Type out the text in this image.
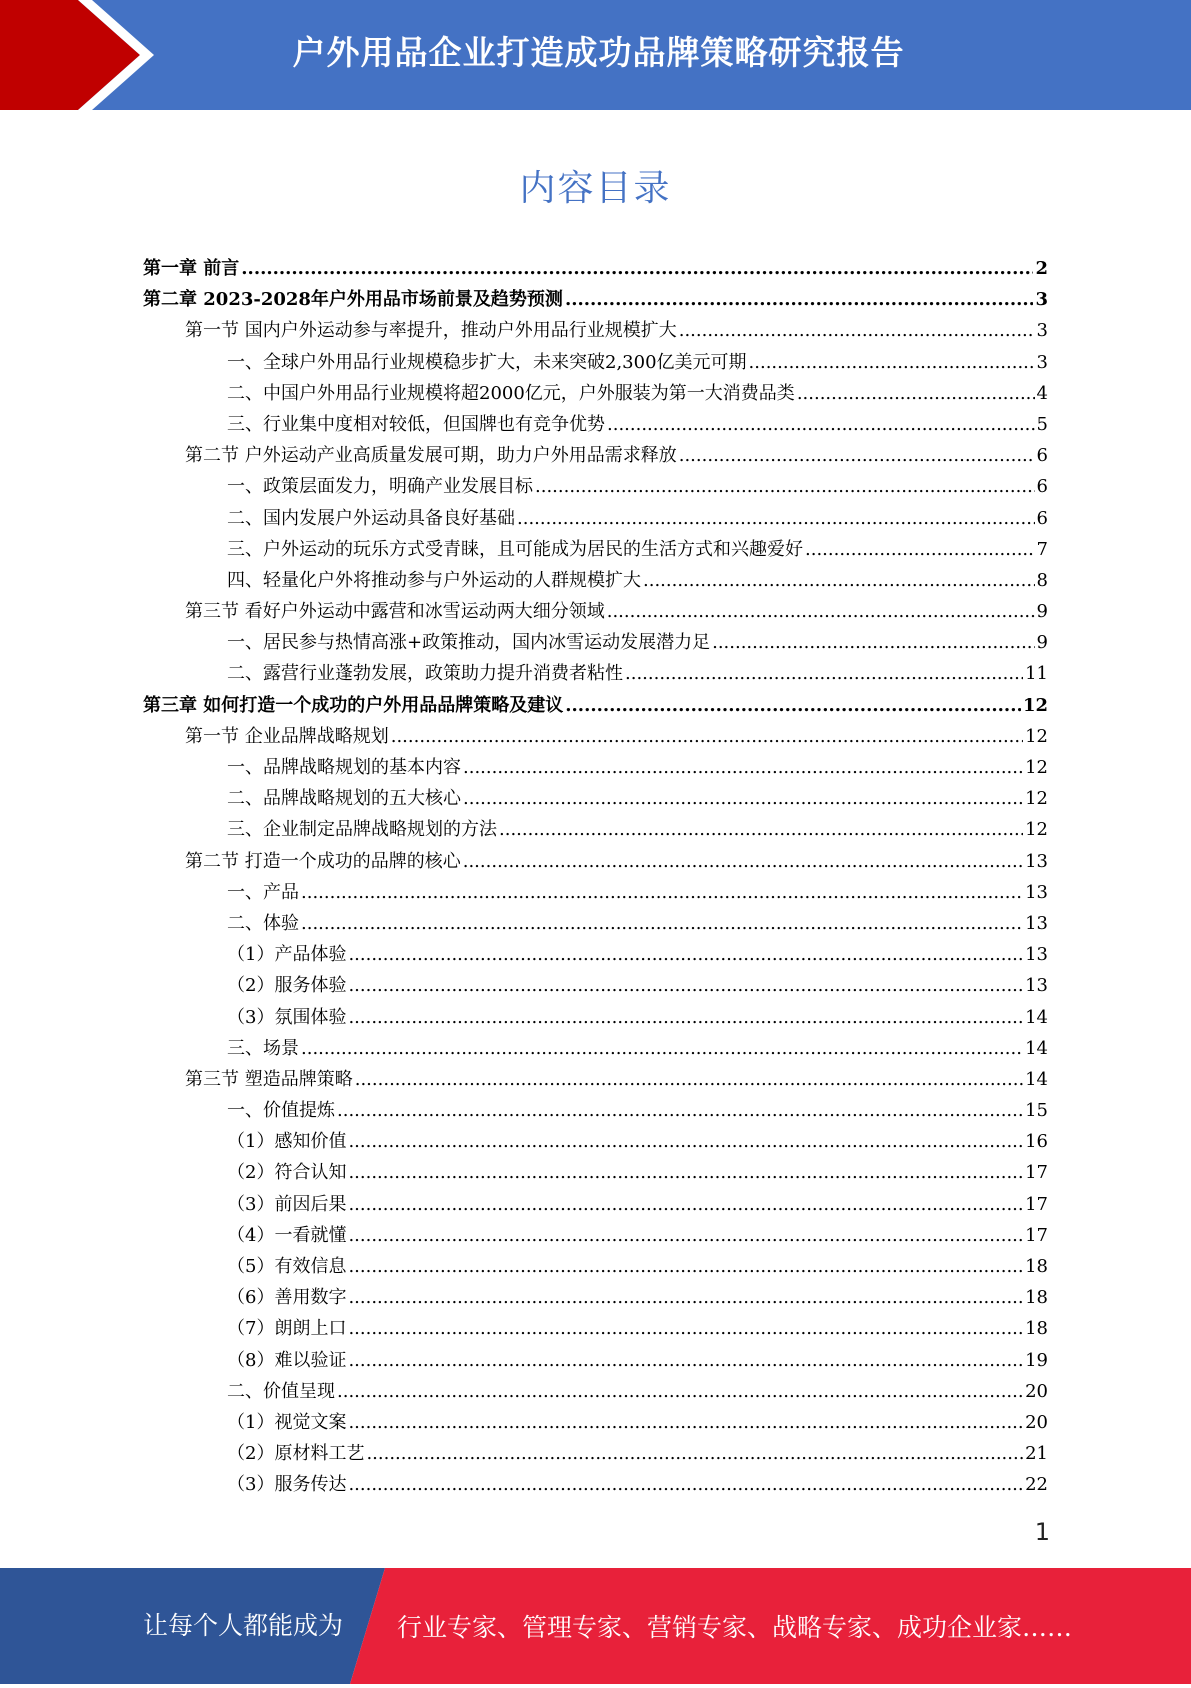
户外用品企业打造成功品牌策略研究报告
内容目录
第一章 前言 .....	2
第二章 2023-2028年户外用品市场前景及趋势预测 .....	3
第一节 国内户外运动参与率提升，推动户外用品行业规模扩大 .....	3
一、全球户外用品行业规模稳步扩大，未来突破2,300亿美元可期 .....	3
二、中国户外用品行业规模将超2000亿元，户外服装为第一大消费品类 .....	4
三、行业集中度相对较低，但国牌也有竞争优势 .....	5
第二节 户外运动产业高质量发展可期，助力户外用品需求释放 .....	6
一、政策层面发力，明确产业发展目标 .....	6
二、国内发展户外运动具备良好基础 .....	6
三、户外运动的玩乐方式受青睐，且可能成为居民的生活方式和兴趣爱好 .....	7
四、轻量化户外将推动参与户外运动的人群规模扩大 .....	8
第三节 看好户外运动中露营和冰雪运动两大细分领域 .....	9
一、居民参与热情高涨+政策推动，国内冰雪运动发展潜力足 .....	9
二、露营行业蓬勃发展，政策助力提升消费者粘性 .....	11
第三章 如何打造一个成功的户外用品品牌策略及建议 .....	12
第一节 企业品牌战略规划 .....	12
一、品牌战略规划的基本内容 .....	12
二、品牌战略规划的五大核心 .....	12
三、企业制定品牌战略规划的方法 .....	12
第二节 打造一个成功的品牌的核心 .....	13
一、产品 .....	13
二、体验 .....	13
（1）产品体验 .....	13
（2）服务体验 .....	13
（3）氛围体验 .....	14
三、场景 .....	14
第三节 塑造品牌策略 .....	14
一、价值提炼 .....	15
（1）感知价值 .....	16
（2）符合认知 .....	17
（3）前因后果 .....	17
（4）一看就懂 .....	17
（5）有效信息 .....	18
（6）善用数字 .....	18
（7）朗朗上口 .....	18
（8）难以验证 .....	19
二、价值呈现 .....	20
（1）视觉文案 .....	20
（2）原材料工艺 .....	21
（3）服务传达 .....	22
1
让每个人都能成为 行业专家、管理专家、营销专家、战略专家、成功企业家……
